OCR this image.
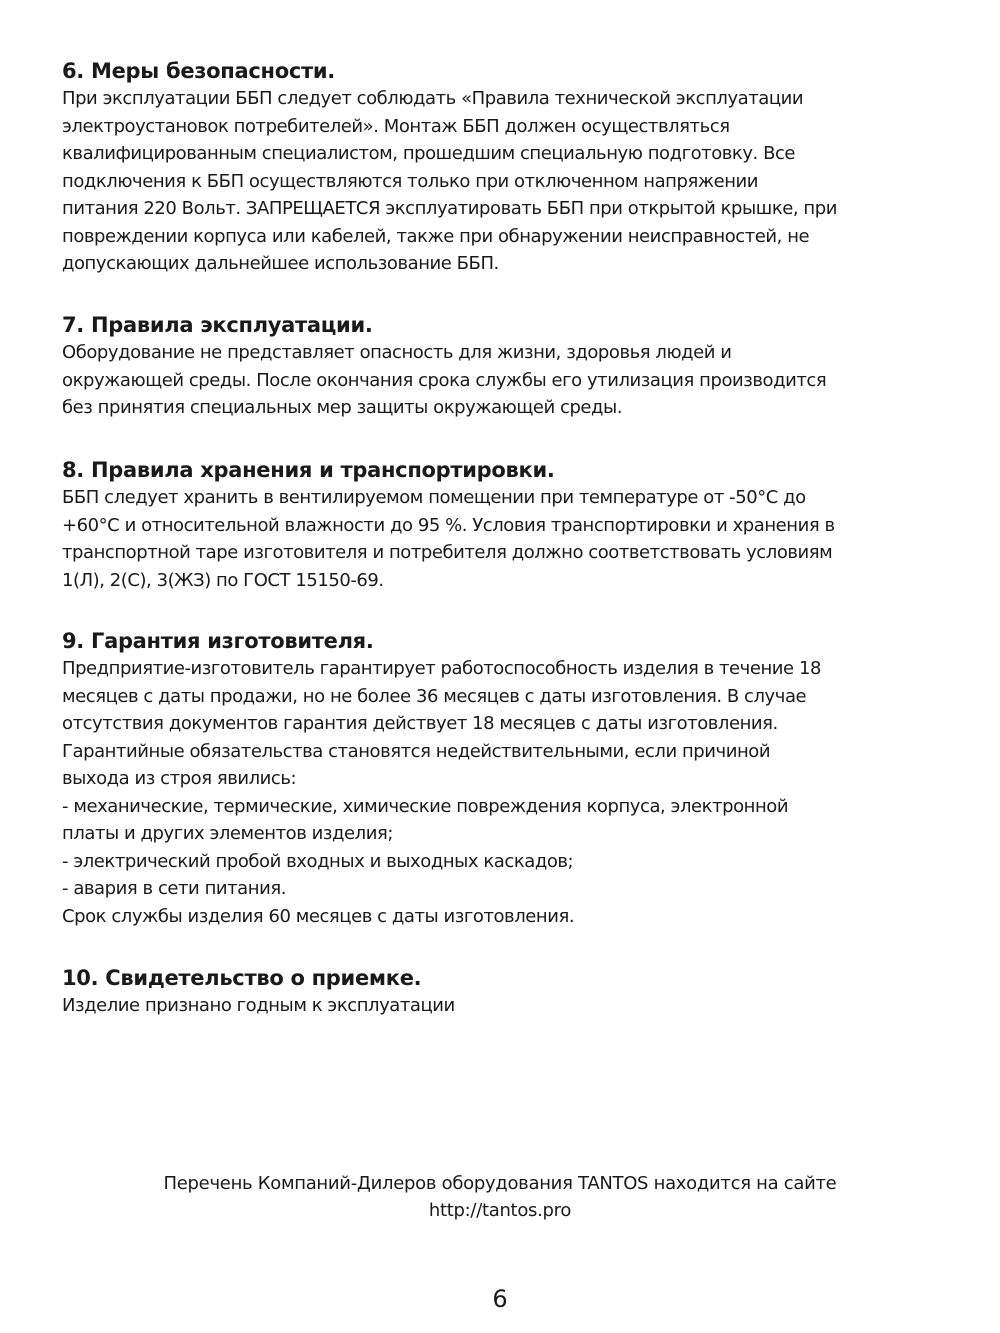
6. Меры безопасности.
При эксплуатации ББП следует соблюдать «Правила технической эксплуатации
электроустановок потребителей». Монтаж ББП должен осуществляться
квалифицированным специалистом, прошедшим специальную подготовку. Все
подключения к ББП осуществляются только при отключенном напряжении
питания 220 Вольт. ЗАПРЕЩАЕТСЯ эксплуатировать ББП при открытой крышке, при
повреждении корпуса или кабелей, также при обнаружении неисправностей, не
допускающих дальнейшее использование ББП.
7. Правила эксплуатации.
Оборудование не представляет опасность для жизни, здоровья людей и
окружающей среды. После окончания срока службы его утилизация производится
без принятия специальных мер защиты окружающей среды.
8. Правила хранения и транспортировки.
ББП следует хранить в вентилируемом помещении при температуре от -50°С до
+60°С и относительной влажности до 95 %. Условия транспортировки и хранения в
транспортной таре изготовителя и потребителя должно соответствовать условиям
1(Л), 2(С), 3(ЖЗ) по ГОСТ 15150-69.
9. Гарантия изготовителя.
Предприятие-изготовитель гарантирует работоспособность изделия в течение 18
месяцев с даты продажи, но не более 36 месяцев с даты изготовления. В случае
отсутствия документов гарантия действует 18 месяцев с даты изготовления.
Гарантийные обязательства становятся недействительными, если причиной
выхода из строя явились:
- механические, термические, химические повреждения корпуса, электронной
платы и других элементов изделия;
- электрический пробой входных и выходных каскадов;
- авария в сети питания.
Срок службы изделия 60 месяцев с даты изготовления.
10. Свидетельство о приемке.
Изделие признано годным к эксплуатации
Перечень Компаний-Дилеров оборудования TANTOS находится на сайте
http://tantos.pro
6
